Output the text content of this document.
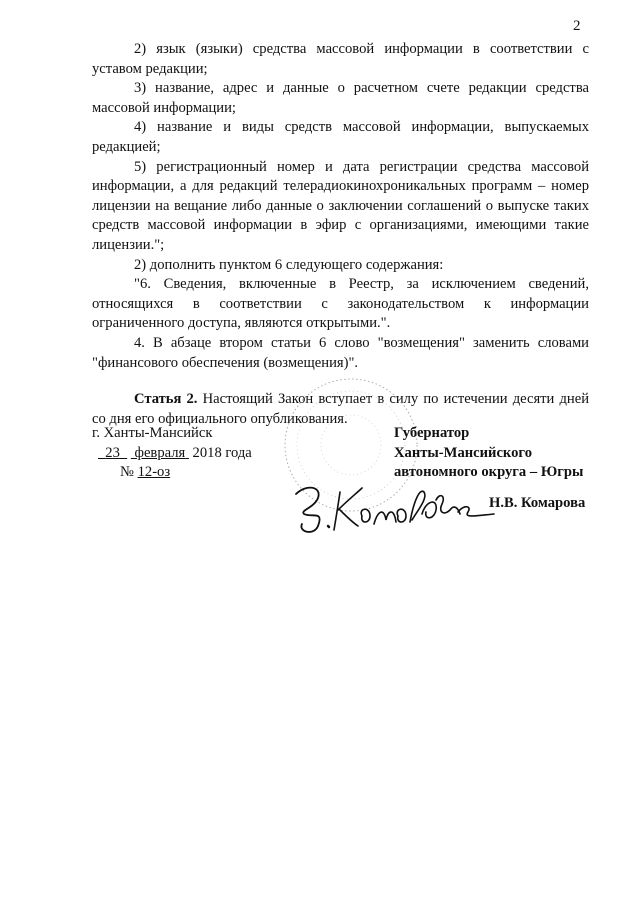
2

2) язык (языки) средства массовой информации в соответствии с уставом редакции;

3) название, адрес и данные о расчетном счете редакции средства массовой информации;

4) название и виды средств массовой информации, выпускаемых редакцией;

5) регистрационный номер и дата регистрации средства массовой информации, а для редакций телерадиокинохроникальных программ – номер лицензии на вещание либо данные о заключении соглашений о выпуске таких средств массовой информации в эфир с организациями, имеющими такие лицензии.";

2) дополнить пунктом 6 следующего содержания:

"6. Сведения, включенные в Реестр, за исключением сведений, относящихся в соответствии с законодательством к информации ограниченного доступа, являются открытыми.".

4. В абзаце втором статьи 6 слово "возмещения" заменить словами "финансового обеспечения (возмещения)".

Статья 2. Настоящий Закон вступает в силу по истечении десяти дней со дня его официального опубликования.

г. Ханты-Мансийск
23 февраля 2018 года
№ 12-оз
Губернатор
Ханты-Мансийского
автономного округа – Югры
Н.В. Комарова
